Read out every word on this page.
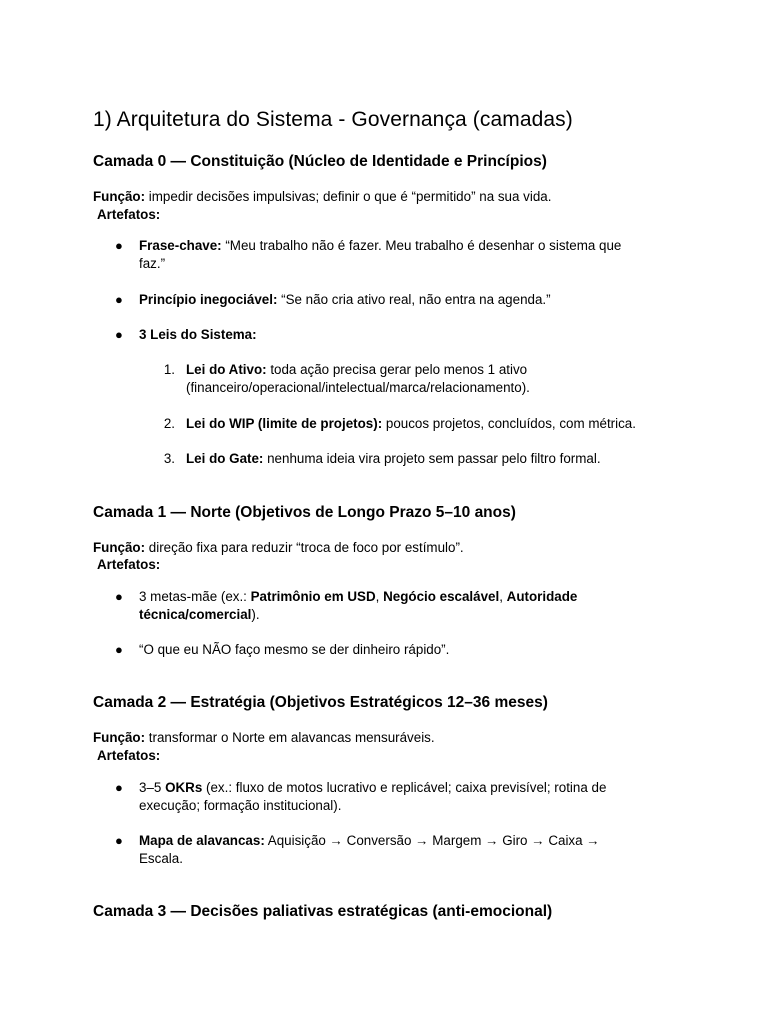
1) Arquitetura do Sistema - Governança (camadas)
Camada 0 — Constituição (Núcleo de Identidade e Princípios)
Função: impedir decisões impulsivas; definir o que é “permitido” na sua vida.
Artefatos:
● Frase-chave: “Meu trabalho não é fazer. Meu trabalho é desenhar o sistema que
faz.”
● Princípio inegociável: “Se não cria ativo real, não entra na agenda.”
● 3 Leis do Sistema:
1. Lei do Ativo: toda ação precisa gerar pelo menos 1 ativo
(financeiro/operacional/intelectual/marca/relacionamento).
2. Lei do WIP (limite de projetos): poucos projetos, concluídos, com métrica.
3. Lei do Gate: nenhuma ideia vira projeto sem passar pelo filtro formal.
Camada 1 — Norte (Objetivos de Longo Prazo 5–10 anos)
Função: direção fixa para reduzir “troca de foco por estímulo”.
Artefatos:
● 3 metas-mãe (ex.: Patrimônio em USD, Negócio escalável, Autoridade
técnica/comercial).
● “O que eu NÃO faço mesmo se der dinheiro rápido”.
Camada 2 — Estratégia (Objetivos Estratégicos 12–36 meses)
Função: transformar o Norte em alavancas mensuráveis.
Artefatos:
● 3–5 OKRs (ex.: fluxo de motos lucrativo e replicável; caixa previsível; rotina de
execução; formação institucional).
● Mapa de alavancas: Aquisição → Conversão → Margem → Giro → Caixa →
Escala.
Camada 3 — Decisões paliativas estratégicas (anti-emocional)
